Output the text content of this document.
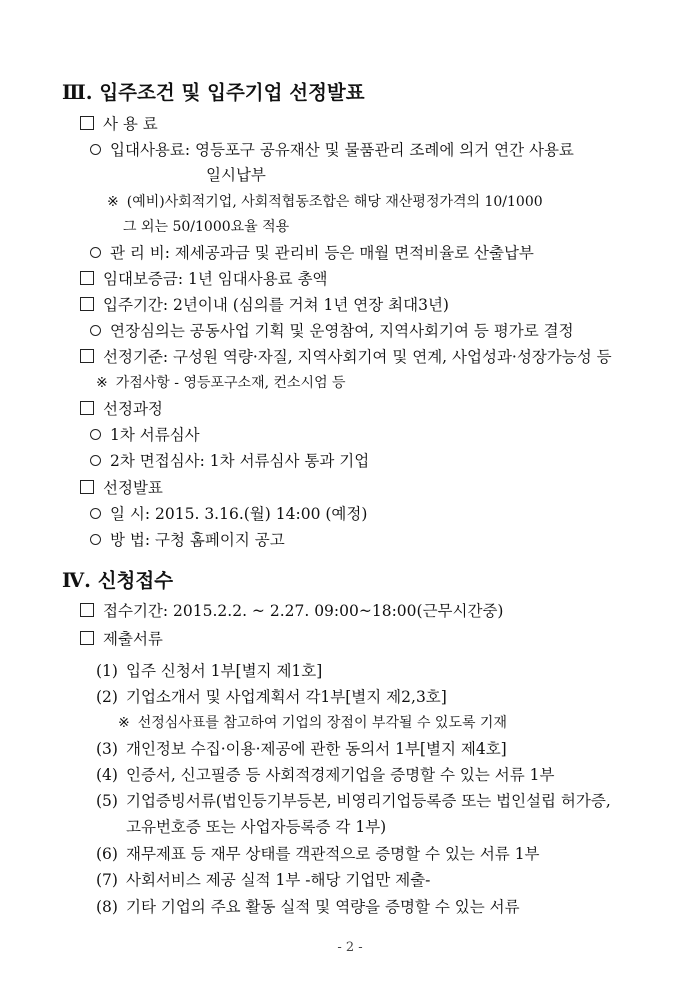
Ⅲ. 입주조건 및 입주기업 선정발표
사 용 료
입대사용료: 영등포구 공유재산 및 물품관리 조례에 의거 연간 사용료
일시납부
※ (예비)사회적기업, 사회적협동조합은 해당 재산평정가격의 10/1000
그 외는 50/1000요율 적용
관 리 비: 제세공과금 및 관리비 등은 매월 면적비율로 산출납부
임대보증금: 1년 임대사용료 총액
입주기간: 2년이내 (심의를 거쳐 1년 연장 최대3년)
연장심의는 공동사업 기획 및 운영참여, 지역사회기여 등 평가로 결정
선정기준: 구성원 역량·자질, 지역사회기여 및 연계, 사업성과·성장가능성 등
※ 가점사항 - 영등포구소재, 컨소시엄 등
선정과정
1차 서류심사
2차 면접심사: 1차 서류심사 통과 기업
선정발표
일 시: 2015. 3.16.(월) 14:00 (예정)
방 법: 구청 홈페이지 공고
Ⅳ. 신청접수
접수기간: 2015.2.2. ~ 2.27. 09:00~18:00(근무시간중)
제출서류
(1) 입주 신청서 1부[별지 제1호]
(2) 기업소개서 및 사업계획서 각1부[별지 제2,3호]
※ 선정심사표를 참고하여 기업의 장점이 부각될 수 있도록 기재
(3) 개인정보 수집·이용·제공에 관한 동의서 1부[별지 제4호]
(4) 인증서, 신고필증 등 사회적경제기업을 증명할 수 있는 서류 1부
(5) 기업증빙서류(법인등기부등본, 비영리기업등록증 또는 법인설립 허가증,
고유번호증 또는 사업자등록증 각 1부)
(6) 재무제표 등 재무 상태를 객관적으로 증명할 수 있는 서류 1부
(7) 사회서비스 제공 실적 1부 -해당 기업만 제출-
(8) 기타 기업의 주요 활동 실적 및 역량을 증명할 수 있는 서류
- 2 -
